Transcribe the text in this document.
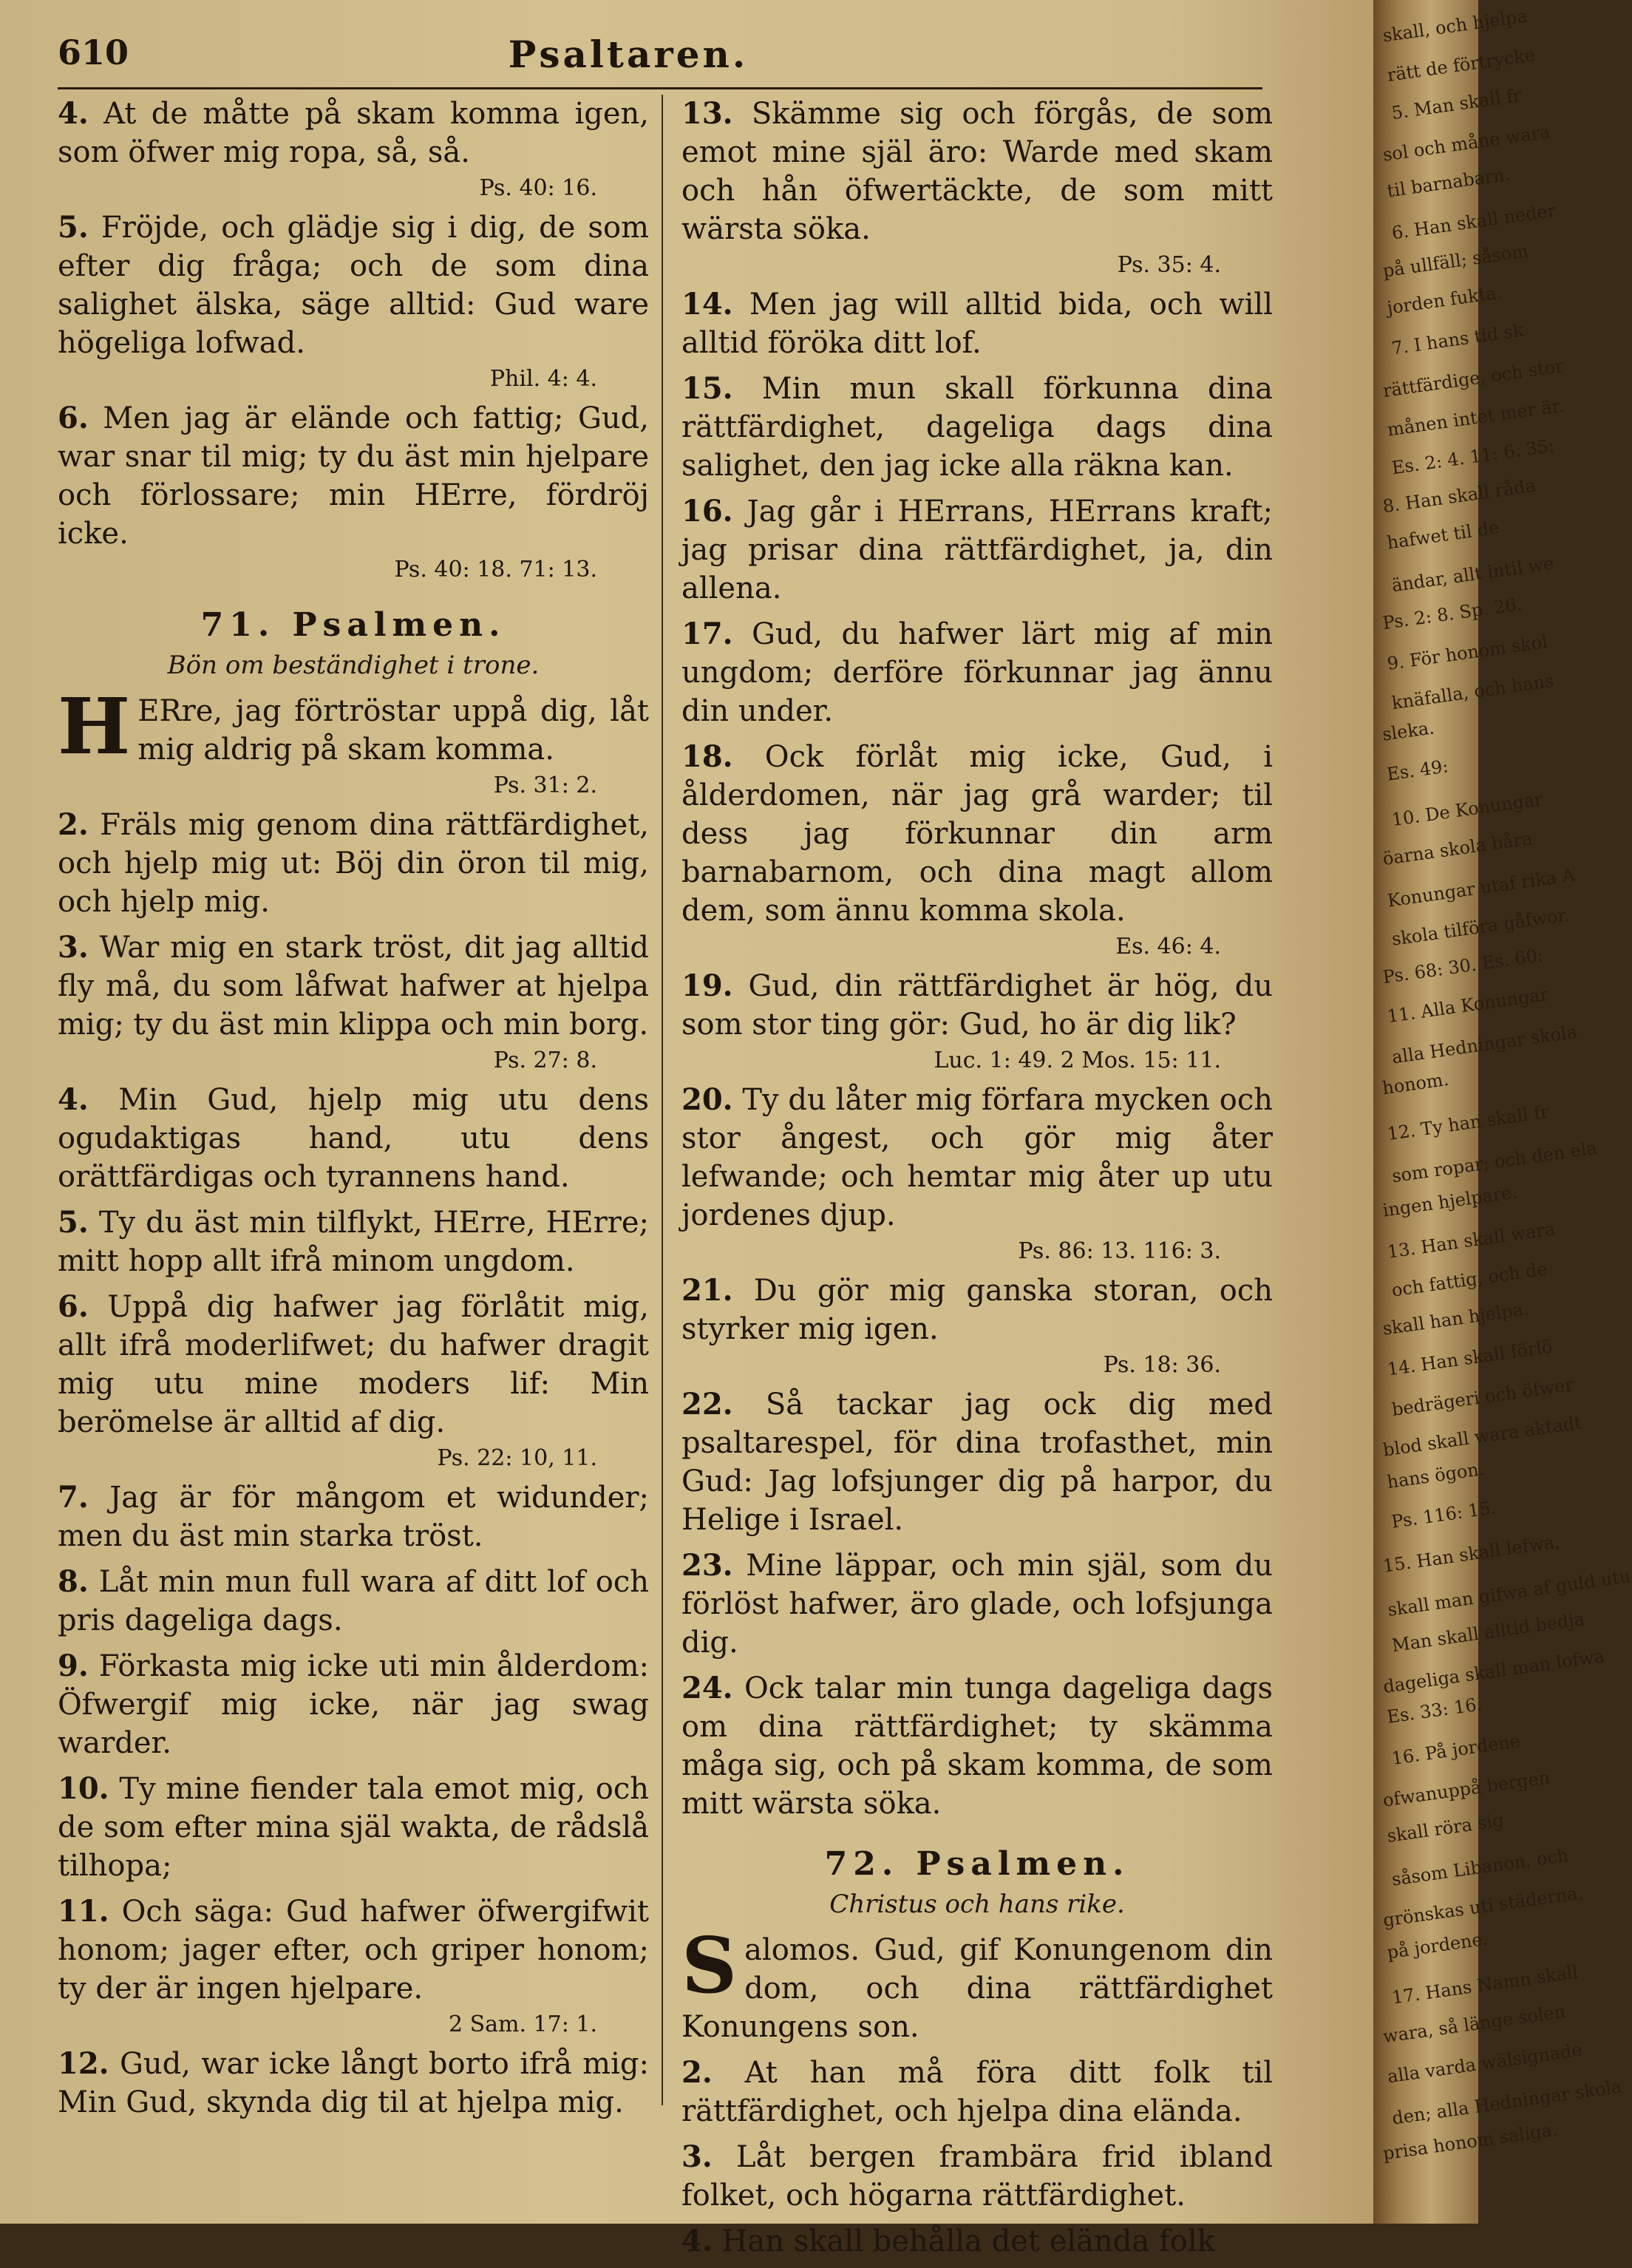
610	Psaltaren.

4. At de måtte på skam komma igen, som öfwer mig ropa, så, så.

Ps. 40: 16.

5. Fröjde, och glädje sig i dig, de som efter dig fråga; och de som dina salighet älska, säge alltid: Gud ware högeliga lofwad.

Phil. 4: 4.

6. Men jag är elände och fattig; Gud, war snar til mig; ty du äst min hjelpare och förlossare; min HErre, fördröj icke.

Ps. 40: 18. 71: 13.
71. Psalmen.
Bön om beständighet i trone.

H ERre, jag förtröstar uppå dig, låt mig aldrig på skam komma.

Ps. 31: 2.

2. Fräls mig genom dina rättfärdighet, och hjelp mig ut: Böj din öron til mig, och hjelp mig.

3. War mig en stark tröst, dit jag alltid fly må, du som låfwat hafwer at hjelpa mig; ty du äst min klippa och min borg.

Ps. 27: 8.

4. Min Gud, hjelp mig utu dens ogudaktigas hand, utu dens orättfärdigas och tyrannens hand.

5. Ty du äst min tilflykt, HErre, HErre; mitt hopp allt ifrå minom ungdom.

6. Uppå dig hafwer jag förlåtit mig, allt ifrå moderlifwet; du hafwer dragit mig utu mine moders lif: Min berömelse är alltid af dig.

Ps. 22: 10, 11.

7. Jag är för mångom et widunder; men du äst min starka tröst.

8. Låt min mun full wara af ditt lof och pris dageliga dags.

9. Förkasta mig icke uti min ålderdom: Öfwergif mig icke, när jag swag warder.

10. Ty mine fiender tala emot mig, och de som efter mina själ wakta, de rådslå tilhopa;

11. Och säga: Gud hafwer öfwergifwit honom; jager efter, och griper honom; ty der är ingen hjelpare.

2 Sam. 17: 1.

12. Gud, war icke långt borto ifrå mig: Min Gud, skynda dig til at hjelpa mig.

13. Skämme sig och förgås, de som emot mine själ äro: Warde med skam och hån öfwertäckte, de som mitt wärsta söka.

Ps. 35: 4.

14. Men jag will alltid bida, och will alltid föröka ditt lof.

15. Min mun skall förkunna dina rättfärdighet, dageliga dags dina salighet, den jag icke alla räkna kan.

16. Jag går i HErrans, HErrans kraft; jag prisar dina rättfärdighet, ja, din allena.

17. Gud, du hafwer lärt mig af min ungdom; derföre förkunnar jag ännu din under.

18. Ock förlåt mig icke, Gud, i ålderdomen, när jag grå warder; til dess jag förkunnar din arm barnabarnom, och dina magt allom dem, som ännu komma skola.

Es. 46: 4.

19. Gud, din rättfärdighet är hög, du som stor ting gör: Gud, ho är dig lik?

Luc. 1: 49. 2 Mos. 15: 11.

20. Ty du låter mig förfara mycken och stor ångest, och gör mig åter lefwande; och hemtar mig åter up utu jordenes djup.

Ps. 86: 13. 116: 3.

21. Du gör mig ganska storan, och styrker mig igen.

Ps. 18: 36.

22. Så tackar jag ock dig med psaltarespel, för dina trofasthet, min Gud: Jag lofsjunger dig på harpor, du Helige i Israel.

23. Mine läppar, och min själ, som du förlöst hafwer, äro glade, och lofsjunga dig.

24. Ock talar min tunga dageliga dags om dina rättfärdighet; ty skämma måga sig, och på skam komma, de som mitt wärsta söka.

72. Psalmen.
Christus och hans rike.

Salomos. Gud, gif Konungenom din dom, och dina rättfärdighet Konungens son.

2. At han må föra ditt folk til rättfärdighet, och hjelpa dina elända.

3. Låt bergen frambära frid ibland folket, och högarna rättfärdighet.

4. Han skall behålla det elända folk

skall, och hjelpa
rätt de förtrycke
5. Man skall fr
sol och måne wara
til barnabarn.
6. Han skall neder
på ullfäll; såsom
jorden fukta.
7. I hans tid sk
rättfärdige, och stor
månen intet mer är.
Es. 2: 4. 11: 6. 35:
8. Han skall råda
hafwet til de
ändar, allt intil we
Ps. 2: 8. Sp. 26.
9. För honom skol
knäfalla, och hans
sleka.
Es. 49:
10. De Konungar
öarna skola båra
Konungar utaf rika A
skola tilföra gåfwor.
Ps. 68: 30. Es. 60:
11. Alla Konungar
alla Hedningar skola
honom.
12. Ty han skall fr
som ropar; och den ela
ingen hjelpare.
13. Han skall wara
och fattig, och de
skall han hjelpa.
14. Han skall förlö
bedrägeri och öfwer
blod skall wara aktadt
hans ögon.
Ps. 116: 15.
15. Han skall lefwa,
skall man gifwa af guld utu
Man skall alltid bedja
dageliga skall man lofwa
Es. 33: 16.
16. På jordene
ofwanuppå bergen
skall röra sig
såsom Libanon, och
grönskas uti städerna,
på jordene.
17. Hans Namn skall
wara, så länge solen
alla varda wälsignade
den; alla Hedningar skola
prisa honom saliga.
